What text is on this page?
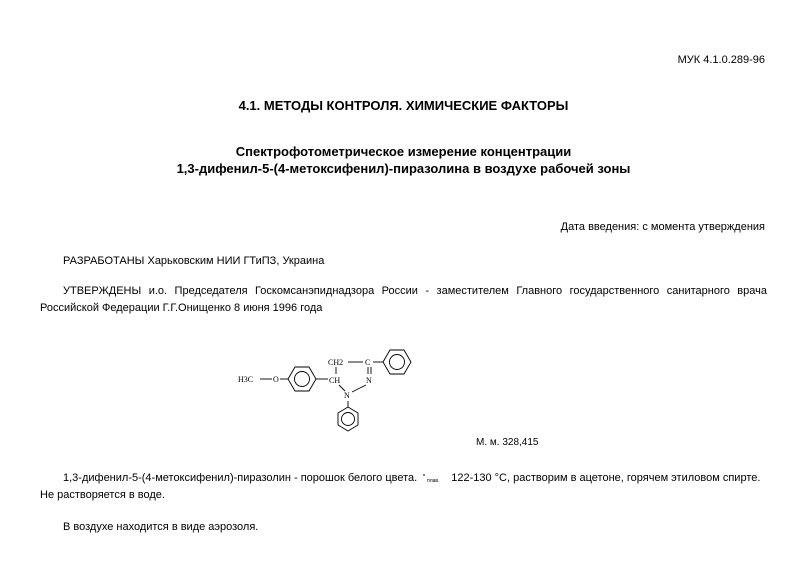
МУК 4.1.0.289-96
4.1. МЕТОДЫ КОНТРОЛЯ. ХИМИЧЕСКИЕ ФАКТОРЫ
Спектрофотометрическое измерение концентрации
1,3-дифенил-5-(4-метоксифенил)-пиразолина в воздухе рабочей зоны
Дата введения: с момента утверждения
РАЗРАБОТАНЫ Харьковским НИИ ГТиПЗ, Украина
УТВЕРЖДЕНЫ и.о. Председателя Госкомсанэпиднадзора России - заместителем Главного государственного санитарного врача Российской Федерации Г.Г.Онищенко 8 июня 1996 года
H3C O
CH2	C
CH	N
N
М. м. 328,415
1,3-дифенил-5-(4-метоксифенил)-пиразолин - порошок белого цвета. плав. 122-130 °С, растворим в ацетоне, горячем этиловом спирте. Не растворяется в воде.
В воздухе находится в виде аэрозоля.
